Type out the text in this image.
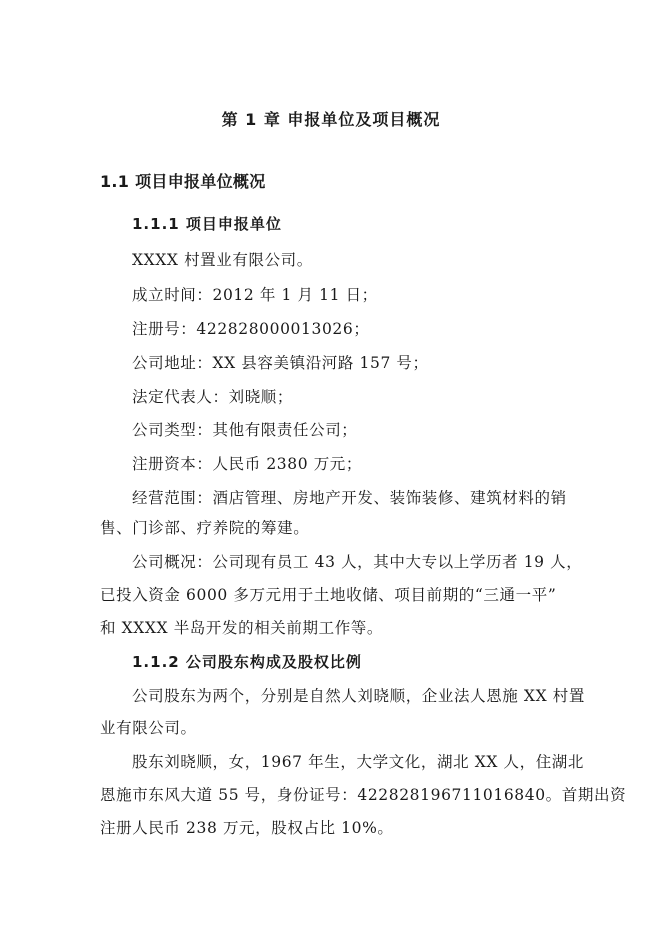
第 1 章 申报单位及项目概况
1.1 项目申报单位概况
1.1.1 项目申报单位
XXXX 村置业有限公司。
成立时间：2012 年 1 月 11 日；
注册号：422828000013026；
公司地址：XX 县容美镇沿河路 157 号；
法定代表人：刘晓顺；
公司类型：其他有限责任公司；
注册资本：人民币 2380 万元；
经营范围：酒店管理、房地产开发、装饰装修、建筑材料的销
售、门诊部、疗养院的筹建。
公司概况：公司现有员工 43 人，其中大专以上学历者 19 人，
已投入资金 6000 多万元用于土地收储、项目前期的“三通一平”
和 XXXX 半岛开发的相关前期工作等。
1.1.2 公司股东构成及股权比例
公司股东为两个，分别是自然人刘晓顺，企业法人恩施 XX 村置
业有限公司。
股东刘晓顺，女，1967 年生，大学文化，湖北 XX 人，住湖北
恩施市东风大道 55 号，身份证号：422828196711016840。首期出资
注册人民币 238 万元，股权占比 10%。
